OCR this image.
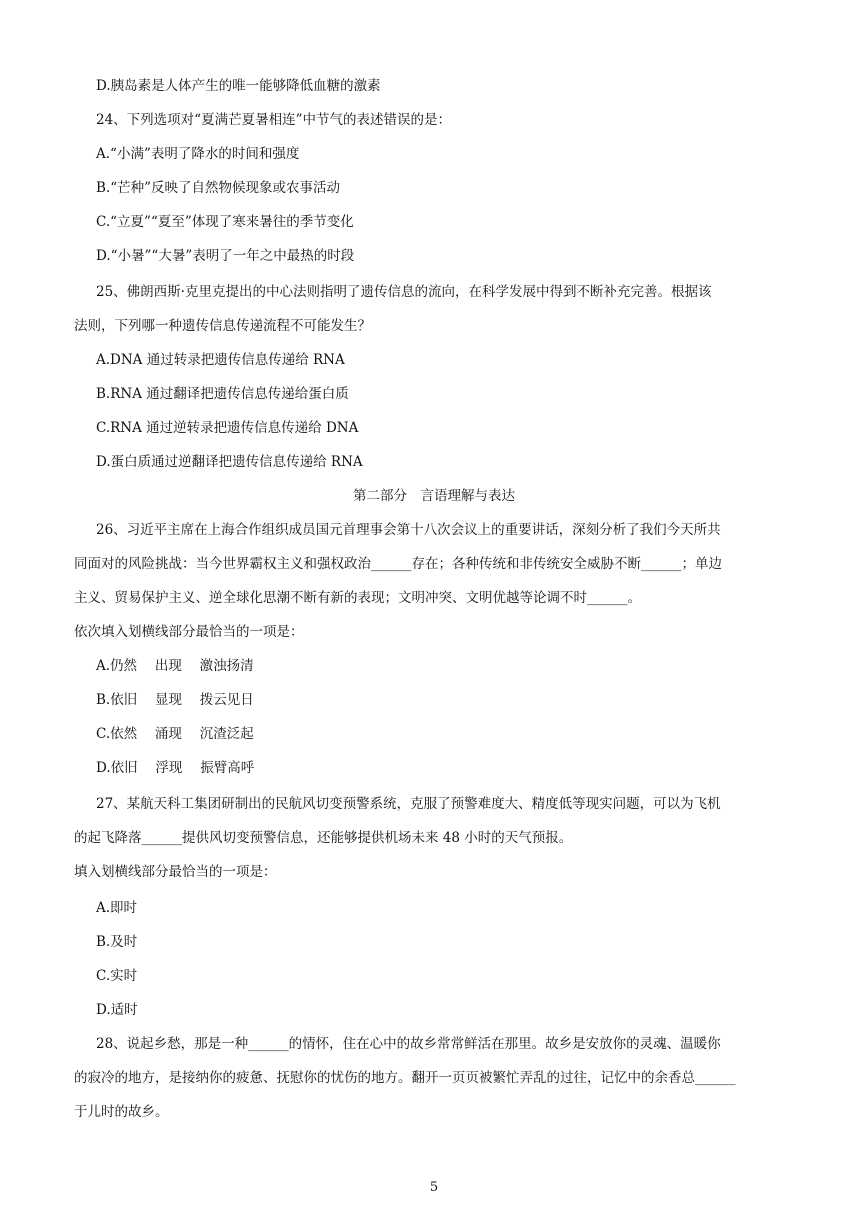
D.胰岛素是人体产生的唯一能够降低血糖的激素
24、下列选项对“夏满芒夏暑相连”中节气的表述错误的是：
A.“小满”表明了降水的时间和强度
B.“芒种”反映了自然物候现象或农事活动
C.“立夏”“夏至”体现了寒来暑往的季节变化
D.“小暑”“大暑”表明了一年之中最热的时段
25、佛朗西斯·克里克提出的中心法则指明了遗传信息的流向，在科学发展中得到不断补充完善。根据该
法则，下列哪一种遗传信息传递流程不可能发生？
A.DNA 通过转录把遗传信息传递给 RNA
B.RNA 通过翻译把遗传信息传递给蛋白质
C.RNA 通过逆转录把遗传信息传递给 DNA
D.蛋白质通过逆翻译把遗传信息传递给 RNA
第二部分　言语理解与表达
26、习近平主席在上海合作组织成员国元首理事会第十八次会议上的重要讲话，深刻分析了我们今天所共
同面对的风险挑战：当今世界霸权主义和强权政治______存在；各种传统和非传统安全威胁不断______；单边
主义、贸易保护主义、逆全球化思潮不断有新的表现；文明冲突、文明优越等论调不时______。
依次填入划横线部分最恰当的一项是：
A.仍然　 出现　 激浊扬清
B.依旧　 显现　 拨云见日
C.依然　 涌现　 沉渣泛起
D.依旧　 浮现　 振臂高呼
27、某航天科工集团研制出的民航风切变预警系统，克服了预警难度大、精度低等现实问题，可以为飞机
的起飞降落______提供风切变预警信息，还能够提供机场未来 48 小时的天气预报。
填入划横线部分最恰当的一项是：
A.即时
B.及时
C.实时
D.适时
28、说起乡愁，那是一种______的情怀，住在心中的故乡常常鲜活在那里。故乡是安放你的灵魂、温暖你
的寂冷的地方，是接纳你的疲惫、抚慰你的忧伤的地方。翻开一页页被繁忙弄乱的过往，记忆中的余香总______
于儿时的故乡。
5
